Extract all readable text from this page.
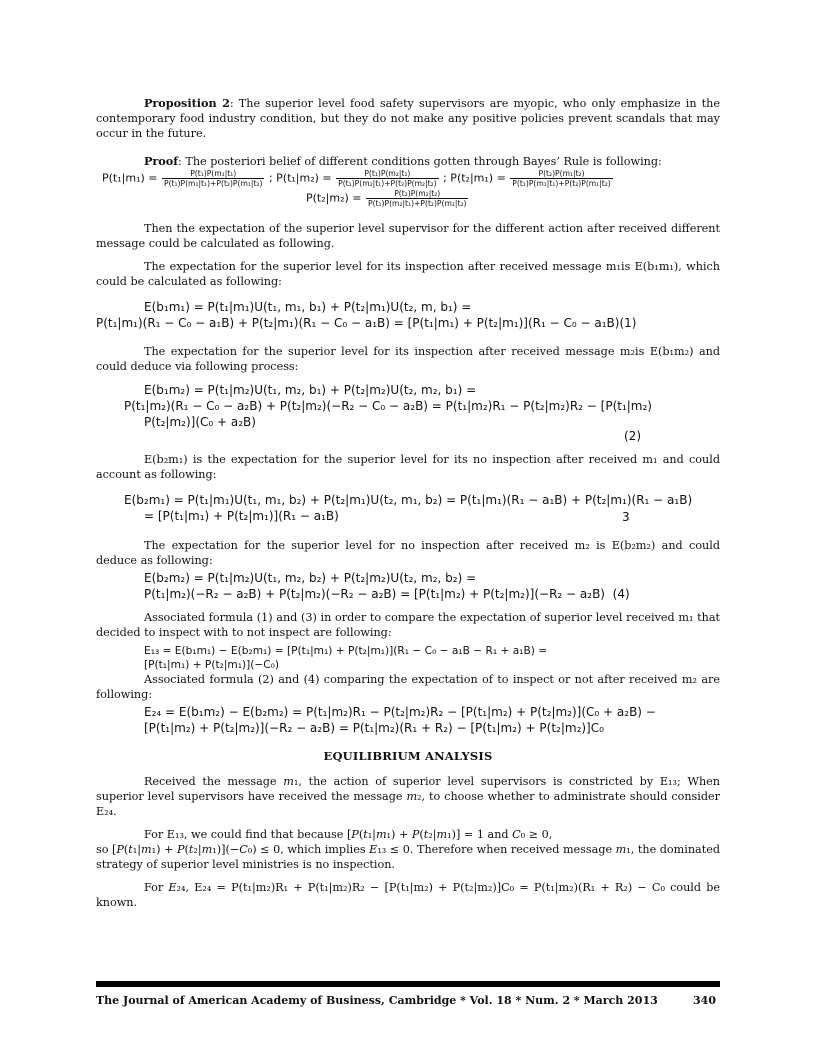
Proposition 2: The superior level food safety supervisors are myopic, who only emphasize in the contemporary food industry condition, but they do not make any positive policies prevent scandals that may occur in the future.

Proof: The posteriori belief of different conditions gotten through Bayes’ Rule is following:

$P(t_1|m_1) = \frac{\text{P(t₁)P(m₁|t₁)}}{\text{P(t₁)P(m₁|t₁)+P(t₂)P(m₁|t₂)}}$ ; $P(t_1|m_2) = \frac{\text{P(t₁)P(m₂|t₁)}}{\text{P(t₁)P(m₂|t₁)+P(t₂)P(m₂|t₂)}}$ ; $P(t_2|m_1) = \frac{\text{P(t₂)P(m₁|t₂)}}{\text{P(t₁)P(m₁|t₁)+P(t₂)P(m₁|t₂)}}$
$P(t_2|m_2) = \frac{\text{P(t₂)P(m₂|t₂)}}{\text{P(t₁)P(m₂|t₁)+P(t₂)P(m₂|t₂)}}$

Then the expectation of the superior level supervisor for the different action after received different message could be calculated as following.

The expectation for the superior level for its inspection after received message m₁is E(b₁m₁), which could be calculated as following:

E(b₁m₁) = P(t₁|m₁)U(t₁, m₁, b₁) + P(t₂|m₁)U(t₂, m, b₁) =
P(t₁|m₁)(R₁ − C₀ − a₁B) + P(t₂|m₁)(R₁ − C₀ − a₁B) = [P(t₁|m₁) + P(t₂|m₁)](R₁ − C₀ − a₁B)(1)

The expectation for the superior level for its inspection after received message m₂is E(b₁m₂) and could deduce via following process:

E(b₁m₂) = P(t₁|m₂)U(t₁, m₂, b₁) + P(t₂|m₂)U(t₂, m₂, b₁) =
P(t₁|m₂)(R₁ − C₀ − a₂B) + P(t₂|m₂)(−R₂ − C₀ − a₂B) = P(t₁|m₂)R₁ − P(t₂|m₂)R₂ − [P(t₁|m₂)
P(t₂|m₂)](C₀ + a₂B)
(2)

E(b₂m₁) is the expectation for the superior level for its no inspection after received m₁ and could account as following:

E(b₂m₁) = P(t₁|m₁)U(t₁, m₁, b₂) + P(t₂|m₁)U(t₂, m₁, b₂) = P(t₁|m₁)(R₁ − a₁B) + P(t₂|m₁)(R₁ − a₁B)
= [P(t₁|m₁) + P(t₂|m₁)](R₁ − a₁B)	3

The expectation for the superior level for no inspection after received m₂ is E(b₂m₂) and could deduce as following:

E(b₂m₂) = P(t₁|m₂)U(t₁, m₂, b₂) + P(t₂|m₂)U(t₂, m₂, b₂) =
P(t₁|m₂)(−R₂ − a₂B) + P(t₂|m₂)(−R₂ − a₂B) = [P(t₁|m₂) + P(t₂|m₂)](−R₂ − a₂B) (4)

Associated formula (1) and (3) in order to compare the expectation of superior level received m₁ that decided to inspect with to not inspect are following:

E₁₃ = E(b₁m₁) − E(b₂m₁) = [P(t₁|m₁) + P(t₂|m₁)](R₁ − C₀ − a₁B − R₁ + a₁B) =
[P(t₁|m₁) + P(t₂|m₁)](−C₀)

Associated formula (2) and (4) comparing the expectation of to inspect or not after received m₂ are following:

E₂₄ = E(b₁m₂) − E(b₂m₂) = P(t₁|m₂)R₁ − P(t₂|m₂)R₂ − [P(t₁|m₂) + P(t₂|m₂)](C₀ + a₂B) −
[P(t₁|m₂) + P(t₂|m₂)](−R₂ − a₂B) = P(t₁|m₂)(R₁ + R₂) − [P(t₁|m₂) + P(t₂|m₂)]C₀
EQUILIBRIUM ANALYSIS

Received the message 𝑚₁, the action of superior level supervisors is constricted by E₁₃; When superior level supervisors have received the message 𝑚₂, to choose whether to administrate should consider E₂₄.

For E₁₃, we could find that because [𝑃(𝑡₁|𝑚₁) + 𝑃(𝑡₂|𝑚₁)] = 1 and 𝐶₀ ≥ 0,

so [𝑃(𝑡₁|𝑚₁) + 𝑃(𝑡₂|𝑚₁)](−𝐶₀) ≤ 0, which implies 𝐸₁₃ ≤ 0. Therefore when received message 𝑚₁, the dominated strategy of superior level ministries is no inspection.

For 𝐸₂₄, E₂₄ = P(t₁|m₂)R₁ + P(t₁|m₂)R₂ − [P(t₁|m₂) + P(t₂|m₂)]C₀ = P(t₁|m₂)(R₁ + R₂) − C₀ could be known.

The Journal of American Academy of Business, Cambridge * Vol. 18 * Num. 2 * March 2013	340
